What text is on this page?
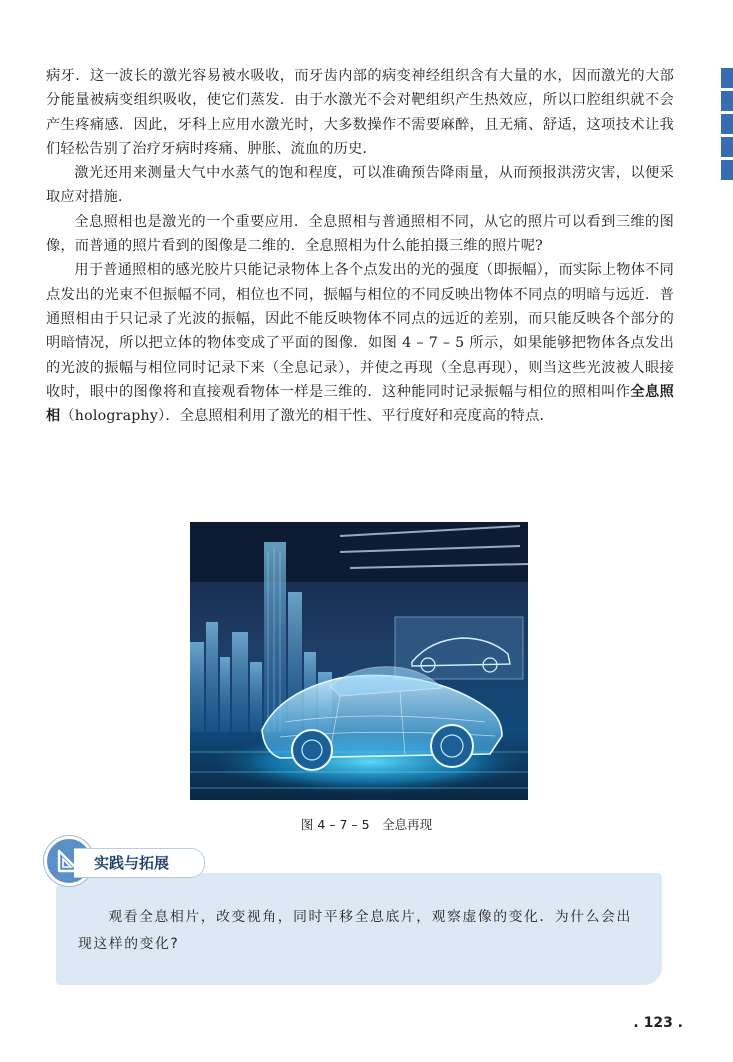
病牙．这一波长的激光容易被水吸收，而牙齿内部的病变神经组织含有大量的水，因而激光的大部分能量被病变组织吸收，使它们蒸发．由于水激光不会对靶组织产生热效应，所以口腔组织就不会产生疼痛感．因此，牙科上应用水激光时，大多数操作不需要麻醉，且无痛、舒适，这项技术让我们轻松告别了治疗牙病时疼痛、肿胀、流血的历史．

激光还用来测量大气中水蒸气的饱和程度，可以准确预告降雨量，从而预报洪涝灾害，以便采取应对措施．

全息照相也是激光的一个重要应用．全息照相与普通照相不同，从它的照片可以看到三维的图像，而普通的照片看到的图像是二维的．全息照相为什么能拍摄三维的照片呢?

用于普通照相的感光胶片只能记录物体上各个点发出的光的强度（即振幅），而实际上物体不同点发出的光束不但振幅不同，相位也不同，振幅与相位的不同反映出物体不同点的明暗与远近．普通照相由于只记录了光波的振幅，因此不能反映物体不同点的远近的差别，而只能反映各个部分的明暗情况，所以把立体的物体变成了平面的图像．如图 4 – 7 – 5 所示，如果能够把物体各点发出的光波的振幅与相位同时记录下来（全息记录），并使之再现（全息再现），则当这些光波被人眼接收时，眼中的图像将和直接观看物体一样是三维的．这种能同时记录振幅与相位的照相叫作全息照相（holography）．全息照相利用了激光的相干性、平行度好和亮度高的特点．

图 4 – 7 – 5　全息再现
实践与拓展

观看全息相片，改变视角，同时平移全息底片，观察虚像的变化．为什么会出现这样的变化?

. 123 .
